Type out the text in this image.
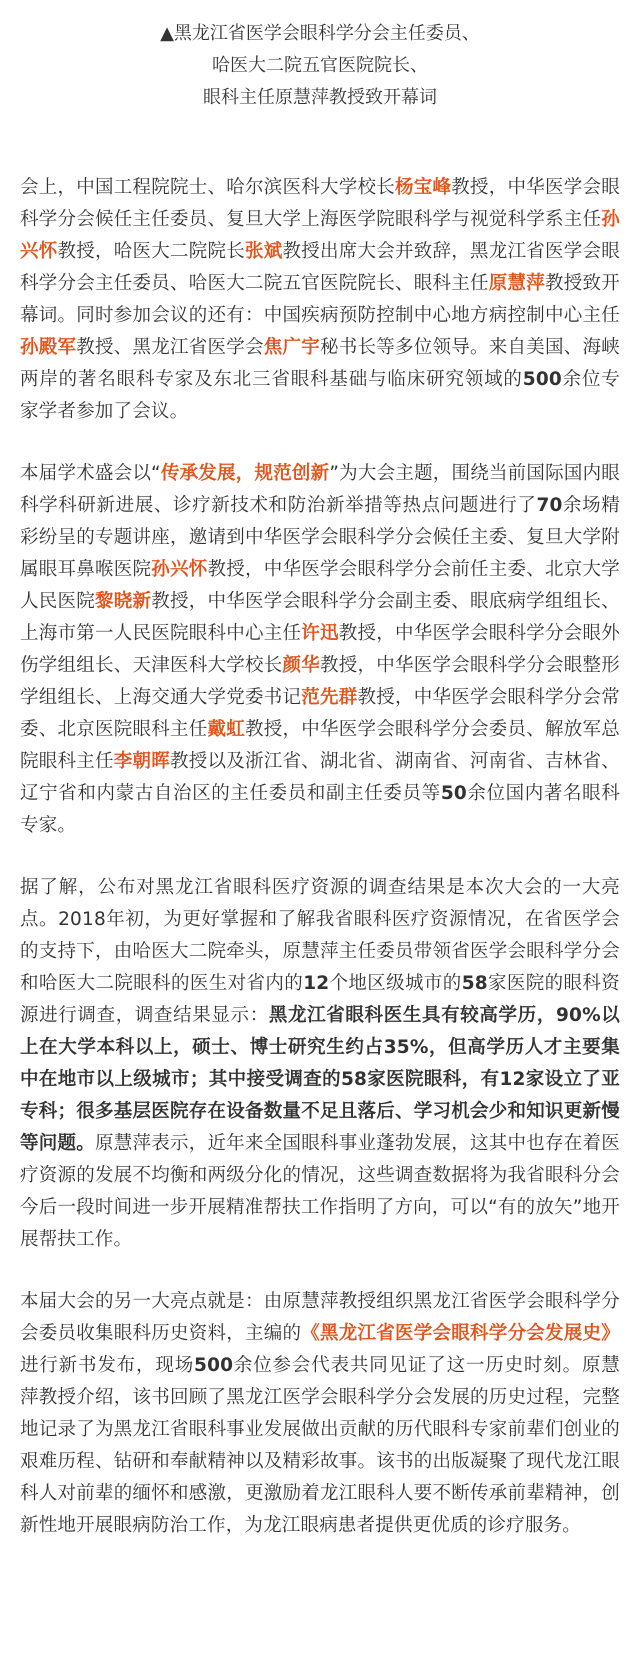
▲黑龙江省医学会眼科学分会主任委员、
哈医大二院五官医院院长、
眼科主任原慧萍教授致开幕词

会上，中国工程院院士、哈尔滨医科大学校长杨宝峰教授，中华医学会眼科学分会候任主任委员、复旦大学上海医学院眼科学与视觉科学系主任孙兴怀教授，哈医大二院院长张斌教授出席大会并致辞，黑龙江省医学会眼科学分会主任委员、哈医大二院五官医院院长、眼科主任原慧萍教授致开幕词。同时参加会议的还有：中国疾病预防控制中心地方病控制中心主任孙殿军教授、黑龙江省医学会焦广宇秘书长等多位领导。来自美国、海峡两岸的著名眼科专家及东北三省眼科基础与临床研究领域的500余位专家学者参加了会议。

本届学术盛会以“传承发展，规范创新”为大会主题，围绕当前国际国内眼科学科研新进展、诊疗新技术和防治新举措等热点问题进行了70余场精彩纷呈的专题讲座，邀请到中华医学会眼科学分会候任主委、复旦大学附属眼耳鼻喉医院孙兴怀教授，中华医学会眼科学分会前任主委、北京大学人民医院黎晓新教授，中华医学会眼科学分会副主委、眼底病学组组长、上海市第一人民医院眼科中心主任许迅教授，中华医学会眼科学分会眼外伤学组组长、天津医科大学校长颜华教授，中华医学会眼科学分会眼整形学组组长、上海交通大学党委书记范先群教授，中华医学会眼科学分会常委、北京医院眼科主任戴虹教授，中华医学会眼科学分会委员、解放军总院眼科主任李朝晖教授以及浙江省、湖北省、湖南省、河南省、吉林省、辽宁省和内蒙古自治区的主任委员和副主任委员等50余位国内著名眼科专家。

据了解，公布对黑龙江省眼科医疗资源的调查结果是本次大会的一大亮点。2018年初，为更好掌握和了解我省眼科医疗资源情况，在省医学会的支持下，由哈医大二院牵头，原慧萍主任委员带领省医学会眼科学分会和哈医大二院眼科的医生对省内的12个地区级城市的58家医院的眼科资源进行调查，调查结果显示：黑龙江省眼科医生具有较高学历，90%以上在大学本科以上，硕士、博士研究生约占35%，但高学历人才主要集中在地市以上级城市；其中接受调查的58家医院眼科，有12家设立了亚专科；很多基层医院存在设备数量不足且落后、学习机会少和知识更新慢等问题。原慧萍表示，近年来全国眼科事业蓬勃发展，这其中也存在着医疗资源的发展不均衡和两级分化的情况，这些调查数据将为我省眼科分会今后一段时间进一步开展精准帮扶工作指明了方向，可以“有的放矢”地开展帮扶工作。

本届大会的另一大亮点就是：由原慧萍教授组织黑龙江省医学会眼科学分会委员收集眼科历史资料，主编的《黑龙江省医学会眼科学分会发展史》进行新书发布，现场500余位参会代表共同见证了这一历史时刻。原慧萍教授介绍，该书回顾了黑龙江医学会眼科学分会发展的历史过程，完整地记录了为黑龙江省眼科事业发展做出贡献的历代眼科专家前辈们创业的艰难历程、钻研和奉献精神以及精彩故事。该书的出版凝聚了现代龙江眼科人对前辈的缅怀和感激，更激励着龙江眼科人要不断传承前辈精神，创新性地开展眼病防治工作，为龙江眼病患者提供更优质的诊疗服务。
